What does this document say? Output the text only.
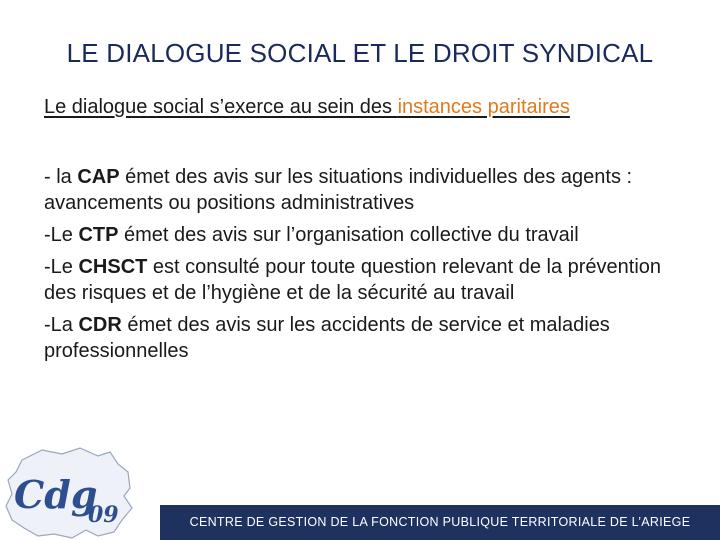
LE DIALOGUE SOCIAL ET LE DROIT SYNDICAL
Le dialogue social s’exerce au sein des instances paritaires

- la CAP émet des avis sur les situations individuelles des agents : avancements ou positions administratives

-Le CTP émet des avis sur l’organisation collective du travail

-Le CHSCT est consulté pour toute question relevant de la prévention des risques et de l’hygiène et de la sécurité au travail

-La CDR émet des avis sur les accidents de service et maladies professionnelles

Cdg
09	CENTRE DE GESTION DE LA FONCTION PUBLIQUE TERRITORIALE DE L’ARIEGE
